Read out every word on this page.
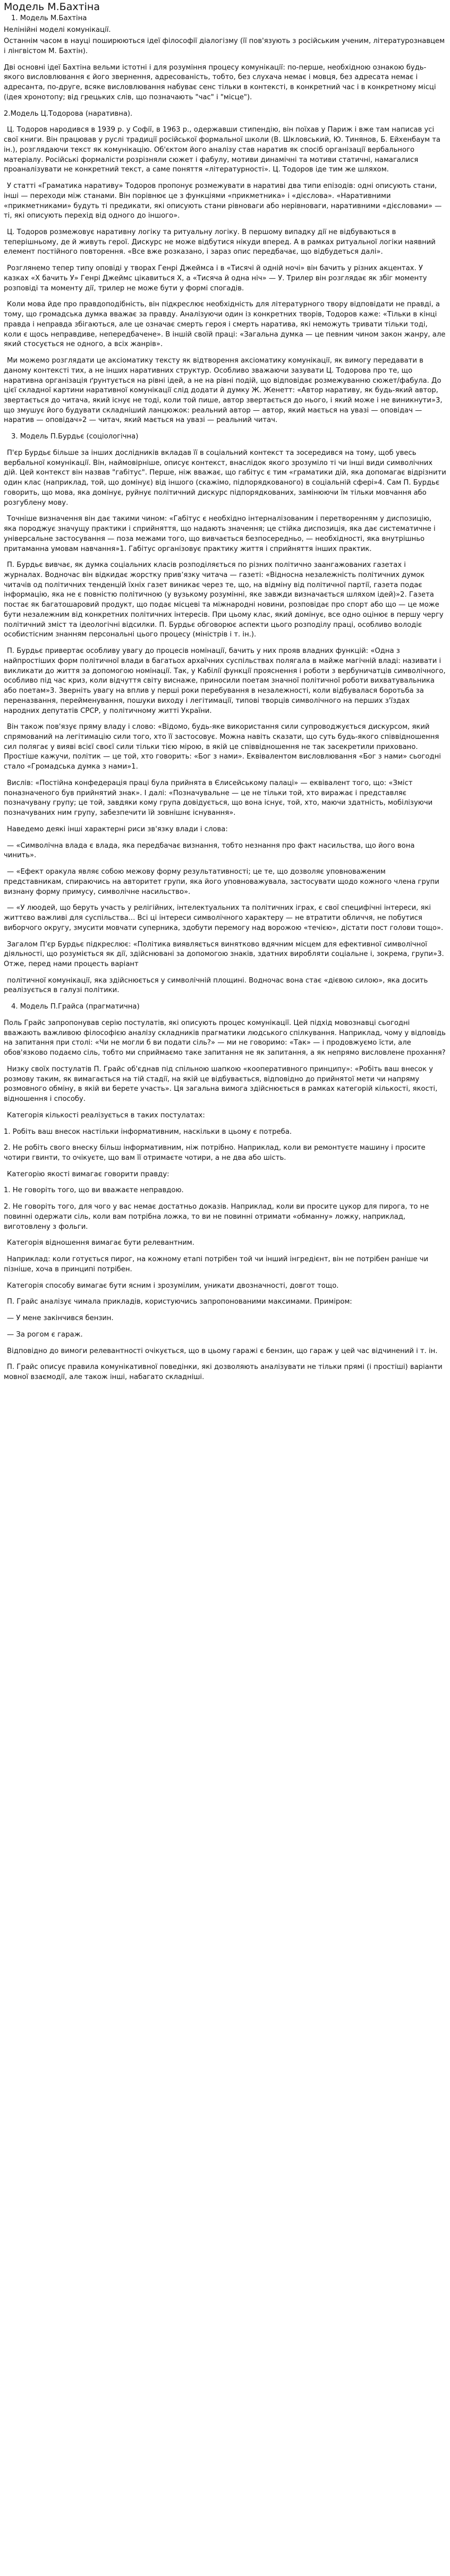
Модель М.Бахтіна

1. Модель М.Бахтіна

Нелінійні моделі комунікації.

Останнім часом в науці поширюються ідеї філософії діалогізму (її пов'язують з російським ученим, літературознавцем і лінгвістом М. Бахтін).

Дві основні ідеї Бахтіна вельми істотні і для розуміння процесу комунікації: по-перше, необхідною ознакою будь-якого висловлювання є його звернення, адресованість, тобто, без слухача немає і мовця, без адресата немає і адресанта, по-друге, всяке висловлювання набуває сенс тільки в контексті, в конкретний час і в конкретному місці (ідея хронотопу; від грецьких слів, що позначають "час" і "місце").

2.Модель Ц.Тодорова (наративна).

Ц. Тодоров народився в 1939 р. у Софії, в 1963 р., одержавши стипендію, він поїхав у Париж і вже там написав усі свої книги. Він працював у руслі традиції російської формальної школи (В. Шкловський, Ю. Тинянов, Б. Ейхенбаум та ін.), розглядаючи текст як комунікацію. Об'єктом його аналізу став наратив як спосіб організації вербального матеріалу. Російські формалісти розрізняли сюжет і фабулу, мотиви динамічні та мотиви статичні, намагалися проаналізувати не конкретний текст, а саме поняття «літературності». Ц. Тодоров іде тим же шляхом.

У статті «Граматика наративу» Тодоров пропонує розмежувати в наративі два типи епізодів: одні описують стани, інші — переходи між станами. Він порівнює це з функціями «прикметника» і «дієслова». «Наративними «прикметниками» будуть ті предикати, які описують стани рівноваги або нерівноваги, наративними «дієсловами» — ті, які описують перехід від одного до іншого».

Ц. Тодоров розмежовує наративну логіку та ритуальну логіку. В першому випадку дії не відбуваються в теперішньому, де й живуть герої. Дискурс не може відбутися нікуди вперед. А в рамках ритуальної логіки наявний елемент постійного повторення. «Все вже розказано, і зараз опис передбачає, що відбудеться далі».

Розглянемо тепер типу оповіді у творах Генрі Джеймса і в «Тисячі й одній ночі» він бачить у різних акцентах. У казках «Х бачить У» Генрі Джеймс цікавиться Х, а «Тисяча й одна ніч» — У. Трилер він розглядає як збіг моменту розповіді та моменту дії, трилер не може бути у формі спогадів.

Коли мова йде про правдоподібність, він підкреслює необхідність для літературного твору відповідати не правді, а тому, що громадська думка вважає за правду. Аналізуючи один із конкретних творів, Тодоров каже: «Тільки в кінці правда і неправда збігаються, але це означає смерть героя і смерть наратива, які неможуть тривати тільки тоді, коли є щось неправдиве, непередбачене». В іншій своїй праці: «Загальна думка — це певним чином закон жанру, але який стосується не одного, а всіх жанрів».

Ми можемо розглядати це аксіоматику тексту як відтворення аксіоматику комунікації, як вимогу передавати в даному контексті тих, а не інших наративних структур. Особливо зважаючи зазувати Ц. Тодорова про те, що наративна організація ґрунтується на рівні ідей, а не на рівні подій, що відповідає розмежуванню сюжет/фабула. До цієї складної картини наративної комунікації слід додати й думку Ж. Женетт: «Автор наративу, як будь-який автор, звертається до читача, який існує не тоді, коли той пише, автор звертається до нього, і який може і не виникнути»3, що змушує його будувати складніший ланцюжок: реальний автор — автор, який мається на увазі — оповідач — наратив — оповідач»2 — читач, який мається на увазі — реальний читач.

3. Модель П.Бурдьє (соціологічна)

П'єр Бурдьє більше за інших дослідників вкладав її в соціальний контекст та зосередився на тому, щоб увесь вербальної комунікації. Він, наймовірніше, описує контекст, внаслідок якого зрозуміло ті чи інші види символічних дій. Цей контекст він назвав "габітус". Перше, ніж вважає, що габітус є тим «граматики дій, яка допомагає відрізнити один клас (наприклад, той, що домінує) від іншого (скажімо, підпорядкованого) в соціальній сфері»4. Сам П. Бурдьє говорить, що мова, яка домінує, руйнує політичний дискурс підпорядкованих, замінюючи їм тільки мовчання або розгублену мову.

Точніше визначення він дає такими чином: «Габітус є необхідно інтерналізованим і перетворенням у диспозицію, яка породжує значущу практики і сприйняття, що надають значення; це стійка диспозиція, яка дає систематичне і універсальне застосування — поза межами того, що вивчається безпосередньо, — необхідності, яка внутрішньо притаманна умовам навчання»1. Габітус організовує практику життя і сприйняття інших практик.

П. Бурдьє вивчає, як думка соціальних класів розподіляється по різних політично заангажованих газетах і журналах. Водночас він відкидає жорстку привʼязку читача — газеті: «Відносна незалежність політичних думок читачів од політичних тенденцій їхніх газет виникає через те, що, на відміну від політичної партії, газета подає інформацію, яка не є повністю політичною (у вузькому розумінні, яке завжди визначається шляхом ідей)»2. Газета постає як багатошаровий продукт, що подає місцеві та міжнародні новини, розповідає про спорт або що — це може бути незалежним від конкретних політичних інтересів. При цьому клас, який домінує, все одно оцінює в першу чергу політичний зміст та ідеологічні відсилки. П. Бурдьє обговорює аспекти цього розподілу праці, особливо володіє особистісним знанням персональні цього процесу (міністрів і т. ін.).

П. Бурдьє привертає особливу увагу до процесів номінації, бачить у них прояв владних функцій: «Одна з найпростіших форм політичної влади в багатьох архаїчних суспільствах полягала в майже магічній владі: називати і викликати до життя за допомогою номінації. Так, у Кабілії функції прояснення і роботи з вербуничатців символічного, особливо під час криз, коли відчуття світу виснаже, приносили поетам значної політичної роботи вихватувальника або поетам»3. Зверніть увагу на вплив у перші роки перебування в незалежності, коли відбувалася боротьба за переназвання, перейменування, пошуки виходу і легітимації, типові творців символічного на перших з'їздах народних депутатів СРСР, у політичному житті України.

Він також пов'язує пряму владу і слово: «Відомо, будь-яке використання сили супроводжується дискурсом, який спрямований на легітимацію сили того, хто її застосовує. Можна навіть сказати, що суть будь-якого співвідношення сил полягає у вияві всієї своєї сили тільки тією мірою, в якій це співвідношення не так засекретили приховано. Простіше кажучи, політик — це той, хто говорить: «Бог з нами». Еквівалентом висловлювання «Бог з нами» сьогодні стало «Громадська думка з нами»1.

Вислів: «Постійна конфедерація праці була прийнята в Єлисейському палаці» — еквівалент того, що: «Зміст поназначеного був прийнятий знак». І далі: «Позначувальне — це не тільки той, хто виражає і представляє позначувану групу; це той, завдяки кому група довідується, що вона існує, той, хто, маючи здатність, мобілізуючи позначуваних ним групу, забезпечити їй зовнішнє існування».

Наведемо деякі інші характерні риси зв'язку влади і слова:

— «Символічна влада є влада, яка передбачає визнання, тобто незнання про факт насильства, що його вона чинить».

— «Ефект оракула являє собою межову форму результативності; це те, що дозволяє уповноваженим представникам, спираючись на авторитет групи, яка його уповноважувала, застосувати щодо кожного члена групи визнану форму примусу, символічне насильство».

— «У люодей, що беруть участь у релігійних, інтелектуальних та політичних іграх, є свої специфічні інтереси, які життєво важливі для суспільства... Всі ці інтереси символічного характеру — не втратити обличчя, не побутися виборчого округу, змусити мовчати суперника, здобути перемогу над ворожою «течією», дістати пост голови тощо».

Загалом П'єр Бурдьє підкреслює: «Політика виявляється винятково вдячним місцем для ефективної символічної діяльності, що розуміється як дії, здійснювані за допомогою знаків, здатних виробляти соціальне і, зокрема, групи»3. Отже, перед нами процесть варіант

політичної комунікації, яка здійснюється у символічній площині. Водночас вона стає «дієвою силою», яка досить реалізується в галузі політики.

4. Модель П.Грайса (прагматична)

Поль Грайс запропонував серію постулатів, які описують процес комунікації. Цей підхід мовознавці сьогодні вважають важливою філософією аналізу складників прагматики людського спілкування. Наприклад, чому у відповідь на запитання при столі: «Чи не могли б ви подати сіль?» — ми не говоримо: «Так» — і продовжуємо їсти, але обов'язково подаємо сіль, тобто ми сприймаємо таке запитання не як запитання, а як непрямо висловлене прохання?

Низку своїх постулатів П. Грайс об'єднав під спільною шапкою «кооперативного принципу»: «Робіть ваш внесок у розмову таким, як вимагається на тій стадії, на якій це відбувається, відповідно до прийнятої мети чи напряму розмовного обміну, в якій ви берете участь». Ця загальна вимога здійснюється в рамках категорій кількості, якості, відношення і способу.

Категорія кількості реалізується в таких постулатах:

1. Робіть ваш внесок настільки інформативним, наскільки в цьому є потреба.

2. Не робіть свого внеску більш інформативним, ніж потрібно. Наприклад, коли ви ремонтуєте машину і просите чотири гвинти, то очікуєте, що вам її отримаєте чотири, а не два або шість.

Категорію якості вимагає говорити правду:

1. Не говоріть того, що ви вважаєте неправдою.

2. Не говоріть того, для чого у вас немає достатньо доказів. Наприклад, коли ви просите цукор для пирога, то не повинні одержати сіль, коли вам потрібна ложка, то ви не повинні отримати «обманну» ложку, наприклад, виготовлену з фольги.

Категорія відношення вимагає бути релевантним.

Наприклад: коли готується пирог, на кожному етапі потрібен той чи інший інгредієнт, він не потрібен раніше чи пізніше, хоча в принципі потрібен.

Категорія способу вимагає бути ясним і зрозумілим, уникати двозначності, довгот тощо.

П. Грайс аналізує чимала прикладів, користуючись запропонованими максимами. Приміром:

— У мене закінчився бензин.

— За рогом є гараж.

Відповідно до вимоги релевантності очікується, що в цьому гаражі є бензин, що гараж у цей час відчинений і т. ін.

П. Грайс описує правила комунікативної поведінки, які дозволяють аналізувати не тільки прямі (і простіші) варіанти мовної взаємодії, але також інші, набагато складніші.
